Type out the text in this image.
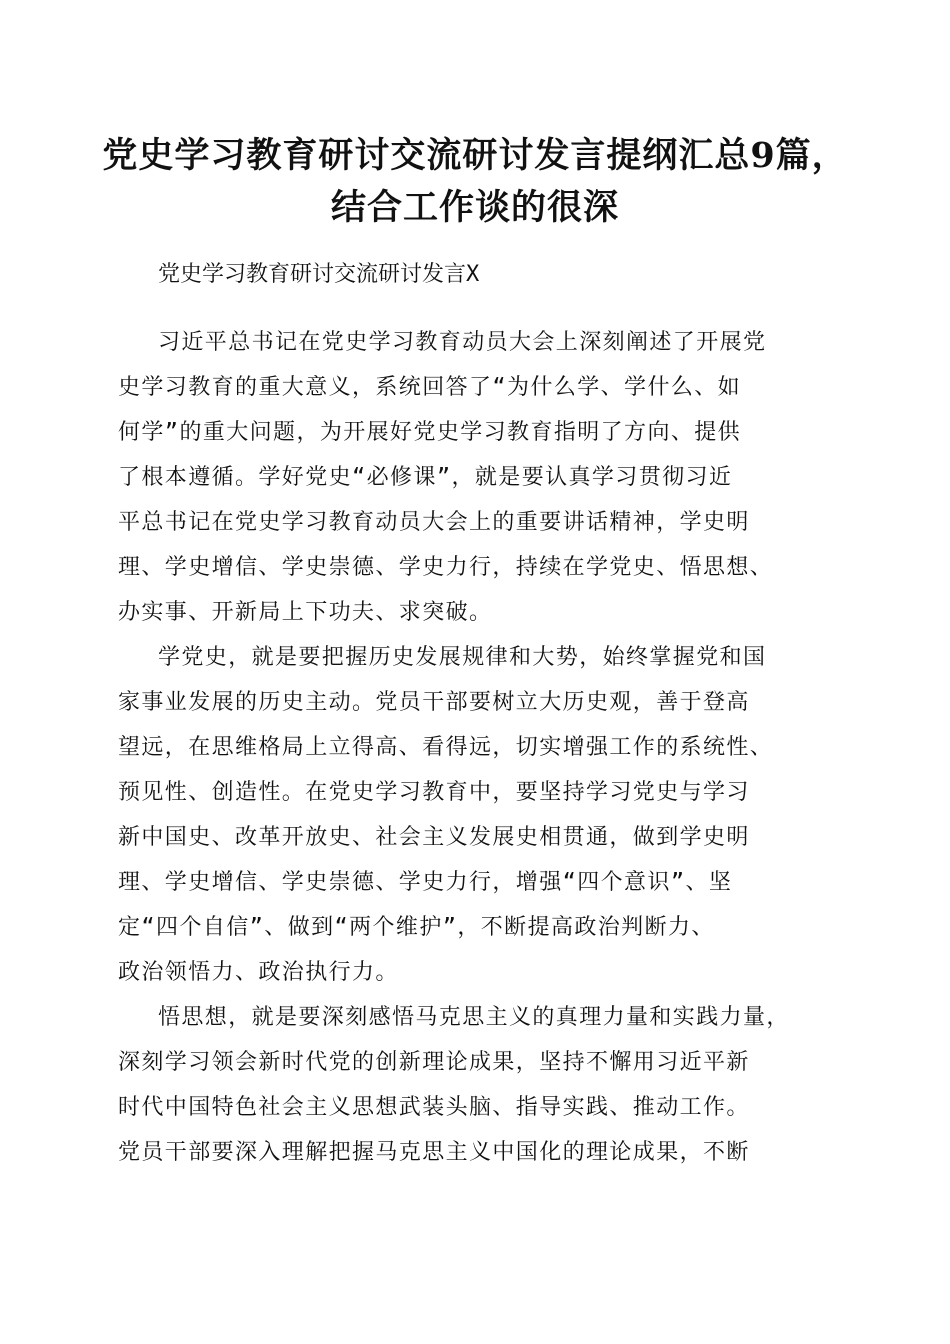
党史学习教育研讨交流研讨发言提纲汇总9篇，
结合工作谈的很深

党史学习教育研讨交流研讨发言X

习近平总书记在党史学习教育动员大会上深刻阐述了开展党
史学习教育的重大意义，系统回答了“为什么学、学什么、如
何学”的重大问题，为开展好党史学习教育指明了方向、提供
了根本遵循。学好党史“必修课”，就是要认真学习贯彻习近
平总书记在党史学习教育动员大会上的重要讲话精神，学史明
理、学史增信、学史崇德、学史力行，持续在学党史、悟思想、
办实事、开新局上下功夫、求突破。

学党史，就是要把握历史发展规律和大势，始终掌握党和国
家事业发展的历史主动。党员干部要树立大历史观，善于登高
望远，在思维格局上立得高、看得远，切实增强工作的系统性、
预见性、创造性。在党史学习教育中，要坚持学习党史与学习
新中国史、改革开放史、社会主义发展史相贯通，做到学史明
理、学史增信、学史崇德、学史力行，增强“四个意识”、坚
定“四个自信”、做到“两个维护”，不断提高政治判断力、
政治领悟力、政治执行力。

悟思想，就是要深刻感悟马克思主义的真理力量和实践力量，
深刻学习领会新时代党的创新理论成果，坚持不懈用习近平新
时代中国特色社会主义思想武装头脑、指导实践、推动工作。
党员干部要深入理解把握马克思主义中国化的理论成果，不断
